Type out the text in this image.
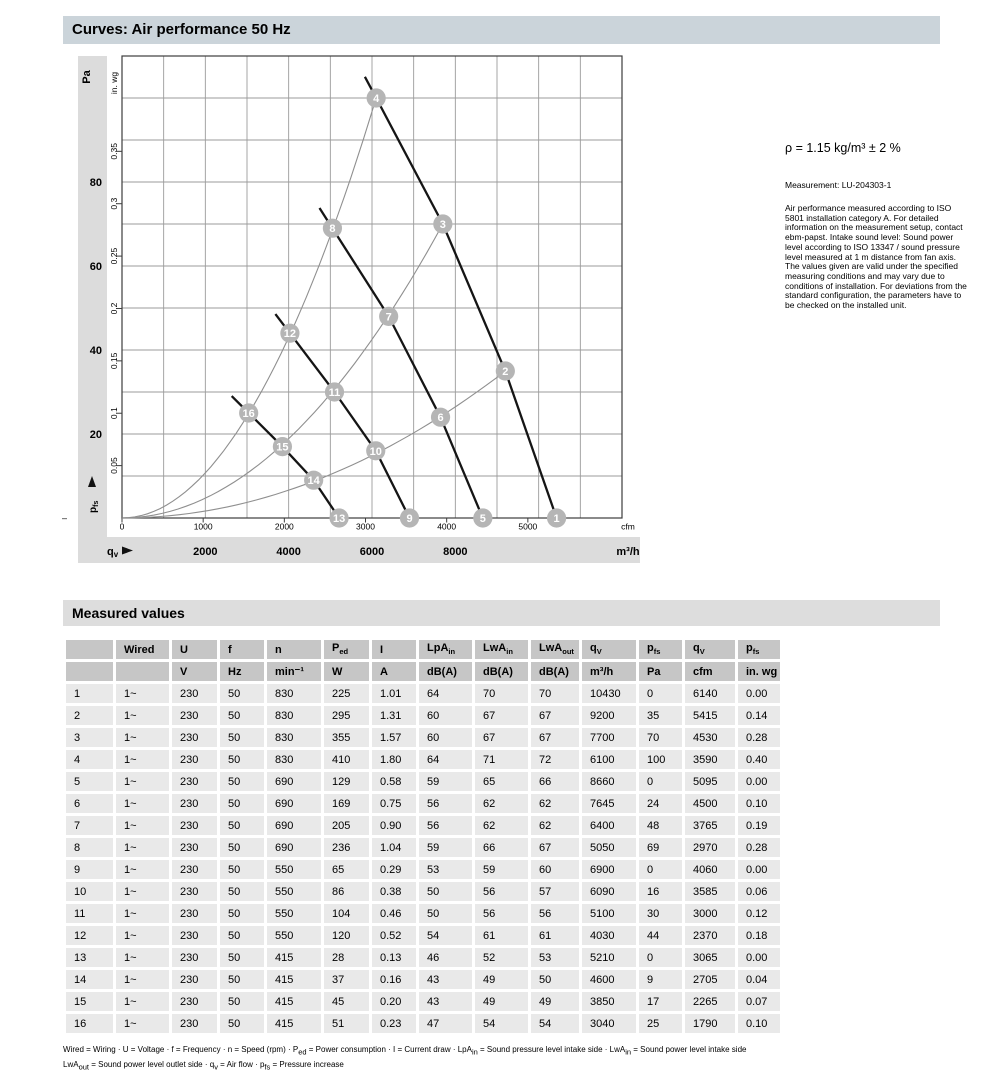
Curves: Air performance 50 Hz
1
2
3
4
5
6
7
8
9
10
11
12
13
14
15
16
Pa in. wg
20
40
60
80
0.05
0.1
0.15
0.2
0.25
0.3
0.35
$p_{fs}$
–
0	1000	2000	3000	4000	5000	cfm
qv	2000	4000	6000	8000	m³/h

ρ = 1.15 kg/m³ ± 2 %

Measurement: LU-204303-1

Air performance measured according to ISO 5801 installation category A. For detailed information on the measurement setup, contact ebm-papst. Intake sound level: Sound power level according to ISO 13347 / sound pressure level measured at 1 m distance from fan axis. The values given are valid under the specified measuring conditions and may vary due to conditions of installation. For deviations from the standard configuration, the parameters have to be checked on the installed unit.

Measured values
	Wired	U	f	n	$P_{ed}$	I	LpA$_{in}$	LwA$_{in}$	LwA$_{out}$	$q_V$	$p_{fs}$	$q_V$	$p_{fs}$
		V	Hz	min⁻¹	W	A	dB(A)	dB(A)	dB(A)	m³/h	Pa	cfm	in. wg
1	1~	230	50	830	225	1.01	64	70	70	10430	0	6140	0.00
2	1~	230	50	830	295	1.31	60	67	67	9200	35	5415	0.14
3	1~	230	50	830	355	1.57	60	67	67	7700	70	4530	0.28
4	1~	230	50	830	410	1.80	64	71	72	6100	100	3590	0.40
5	1~	230	50	690	129	0.58	59	65	66	8660	0	5095	0.00
6	1~	230	50	690	169	0.75	56	62	62	7645	24	4500	0.10
7	1~	230	50	690	205	0.90	56	62	62	6400	48	3765	0.19
8	1~	230	50	690	236	1.04	59	66	67	5050	69	2970	0.28
9	1~	230	50	550	65	0.29	53	59	60	6900	0	4060	0.00
10	1~	230	50	550	86	0.38	50	56	57	6090	16	3585	0.06
11	1~	230	50	550	104	0.46	50	56	56	5100	30	3000	0.12
12	1~	230	50	550	120	0.52	54	61	61	4030	44	2370	0.18
13	1~	230	50	415	28	0.13	46	52	53	5210	0	3065	0.00
14	1~	230	50	415	37	0.16	43	49	50	4600	9	2705	0.04
15	1~	230	50	415	45	0.20	43	49	49	3850	17	2265	0.07
16	1~	230	50	415	51	0.23	47	54	54	3040	25	1790	0.10

Wired = Wiring · U = Voltage · f = Frequency · n = Speed $(rpm) \cdot P_{ed}$ = Power consumption · I = Current draw · LpA$_{in}$ = Sound pressure level intake side · LwA$_{in}$ = Sound power level intake side

LwA$_{out}$ = Sound power level outlet side · $q_v$ = Air flow · $p_{fs}$ = Pressure increase
